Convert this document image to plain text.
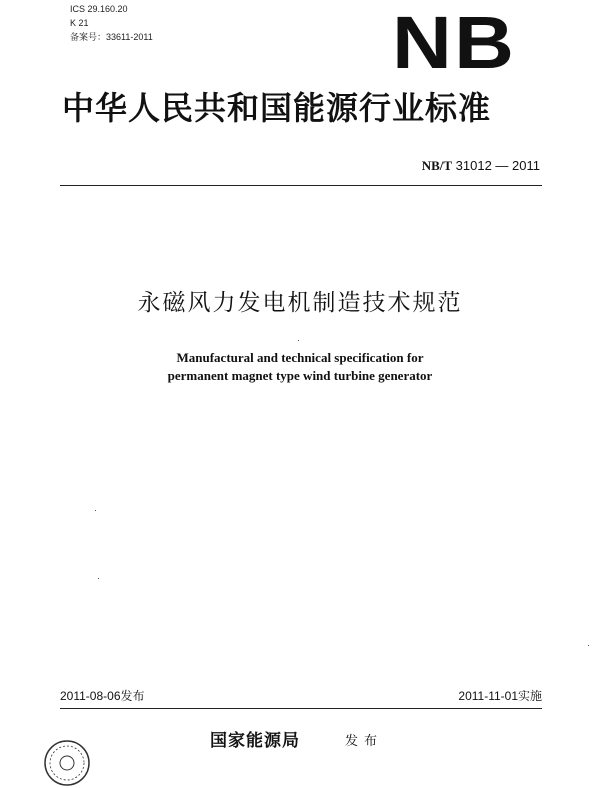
ICS 29.160.20
K 21
备案号：33611-2011	NB
中华人民共和国能源行业标准
NB/T 31012 — 2011
永磁风力发电机制造技术规范
Manufactural and technical specification for
permanent magnet type wind turbine generator
2011-08-06发布	2011-11-01实施
国家能源局	发布
